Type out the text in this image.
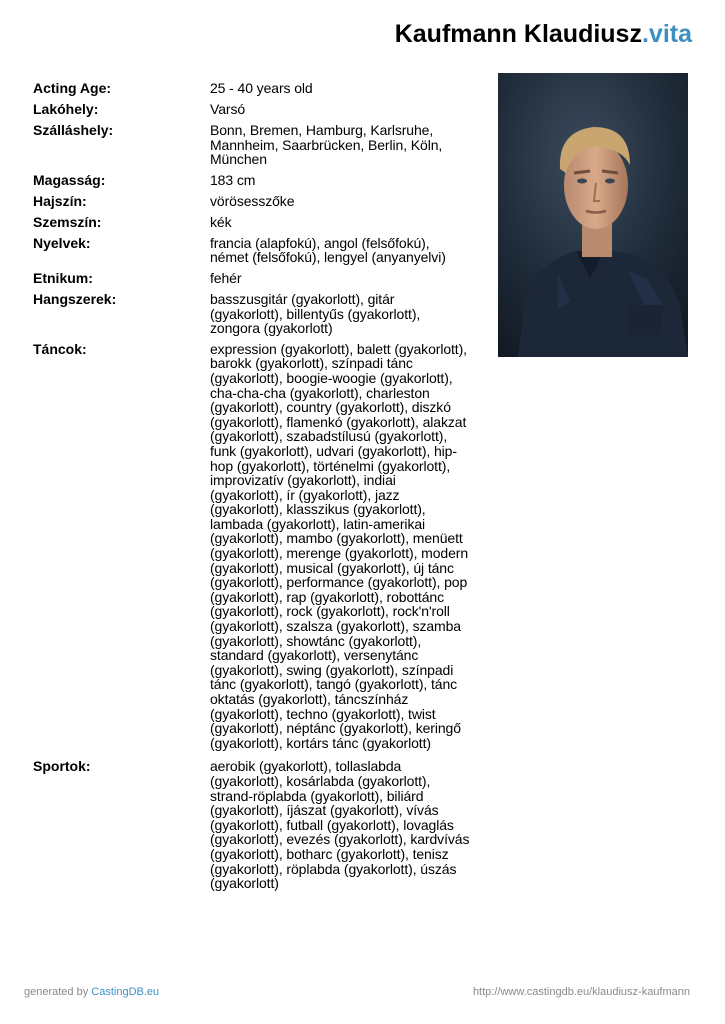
Kaufmann Klaudiusz.vita
Acting Age:	25 - 40 years old
Lakóhely:	Varsó
Szálláshely:	Bonn, Bremen, Hamburg, Karlsruhe, Mannheim, Saarbrücken, Berlin, Köln, München
Magasság:	183 cm
Hajszín:	vörösesszőke
Szemszín:	kék
Nyelvek:	francia (alapfokú), angol (felsőfokú), német (felsőfokú), lengyel (anyanyelvi)
Etnikum:	fehér
Hangszerek:	basszusgitár (gyakorlott), gitár (gyakorlott), billentyűs (gyakorlott), zongora (gyakorlott)
Táncok:	expression (gyakorlott), balett (gyakorlott), barokk (gyakorlott), színpadi tánc (gyakorlott), boogie-woogie (gyakorlott), cha-cha-cha (gyakorlott), charleston (gyakorlott), country (gyakorlott), diszkó (gyakorlott), flamenkó (gyakorlott), alakzat (gyakorlott), szabadstílusú (gyakorlott), funk (gyakorlott), udvari (gyakorlott), hip-hop (gyakorlott), történelmi (gyakorlott), improvizatív (gyakorlott), indiai (gyakorlott), ír (gyakorlott), jazz (gyakorlott), klasszikus (gyakorlott), lambada (gyakorlott), latin-amerikai (gyakorlott), mambo (gyakorlott), menüett (gyakorlott), merenge (gyakorlott), modern (gyakorlott), musical (gyakorlott), új tánc (gyakorlott), performance (gyakorlott), pop (gyakorlott), rap (gyakorlott), robottánc (gyakorlott), rock (gyakorlott), rock'n'roll (gyakorlott), szalsza (gyakorlott), szamba (gyakorlott), showtánc (gyakorlott), standard (gyakorlott), versenytánc (gyakorlott), swing (gyakorlott), színpadi tánc (gyakorlott), tangó (gyakorlott), tánc oktatás (gyakorlott), táncszínház (gyakorlott), techno (gyakorlott), twist (gyakorlott), néptánc (gyakorlott), keringő (gyakorlott), kortárs tánc (gyakorlott)
Sportok:	aerobik (gyakorlott), tollaslabda (gyakorlott), kosárlabda (gyakorlott), strand-röplabda (gyakorlott), biliárd (gyakorlott), íjászat (gyakorlott), vívás (gyakorlott), futball (gyakorlott), lovaglás (gyakorlott), evezés (gyakorlott), kardvívás (gyakorlott), botharc (gyakorlott), tenisz (gyakorlott), röplabda (gyakorlott), úszás (gyakorlott)
generated by CastingDB.eu	http://www.castingdb.eu/klaudiusz-kaufmann
